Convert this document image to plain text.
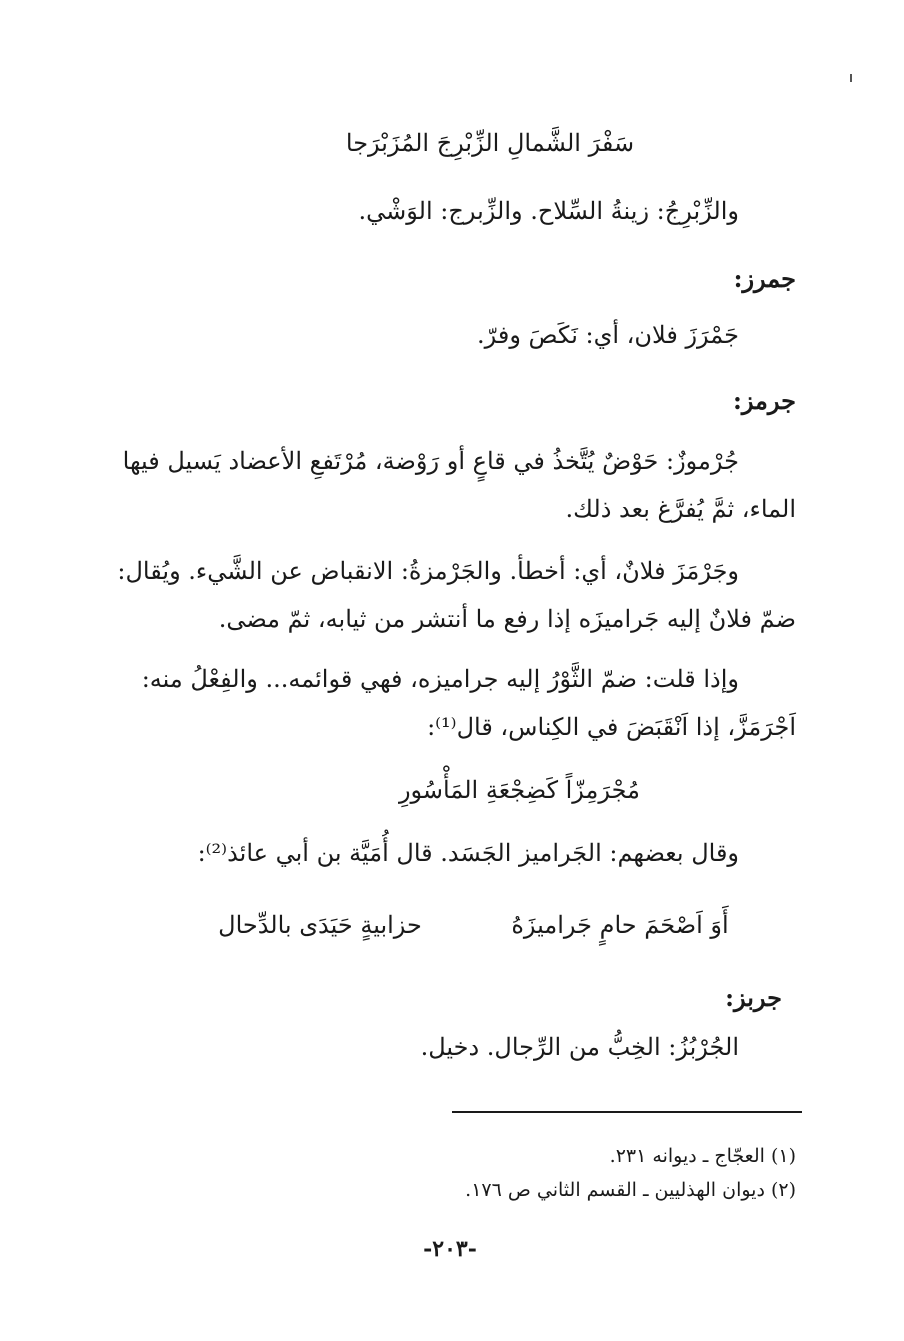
سَفْرَ الشَّمالِ الزِّبْرِجَ المُزَبْرَجا
والزِّبْرِجُ: زينةُ السِّلاح. والزِّبرج: الوَشْي.
جمرز:
جَمْرَزَ فلان، أي: نَكَصَ وفرّ.
جرمز:
جُرْموزٌ: حَوْضٌ يُتَّخذُ في قاعٍ أو رَوْضة، مُرْتَفعِ الأعضاد يَسيل فيها
الماء، ثمَّ يُفرَّغ بعد ذلك.
وجَرْمَزَ فلانٌ، أي: أخطأ. والجَرْمزةُ: الانقباض عن الشَّيء. ويُقال:
ضمّ فلانٌ إليه جَراميزَه إذا رفع ما أنتشر من ثيابه، ثمّ مضى.
وإذا قلت: ضمّ الثَّوْرُ إليه جراميزه، فهي قوائمه... والفِعْلُ منه:
اَجْرَمَزَّ، إذا اَنْقَبَضَ في الكِناس، قال⁽¹⁾:
مُجْرَمِزّاً كَضِجْعَةِ المَأْسُورِ
وقال بعضهم: الجَراميز الجَسَد. قال أُمَيَّة بن أبي عائذ⁽²⁾:
أَوَ اَصْحَمَ حامٍ جَراميزَهُ
حزابيةٍ حَيَدَى بالدِّحال
جربز:
الجُرْبُزُ: الخِبُّ من الرِّجال. دخيل.
(١) العجّاج ـ ديوانه ٢٣١.
(٢) ديوان الهذليين ـ القسم الثاني ص ١٧٦.
-٢٠٣-
